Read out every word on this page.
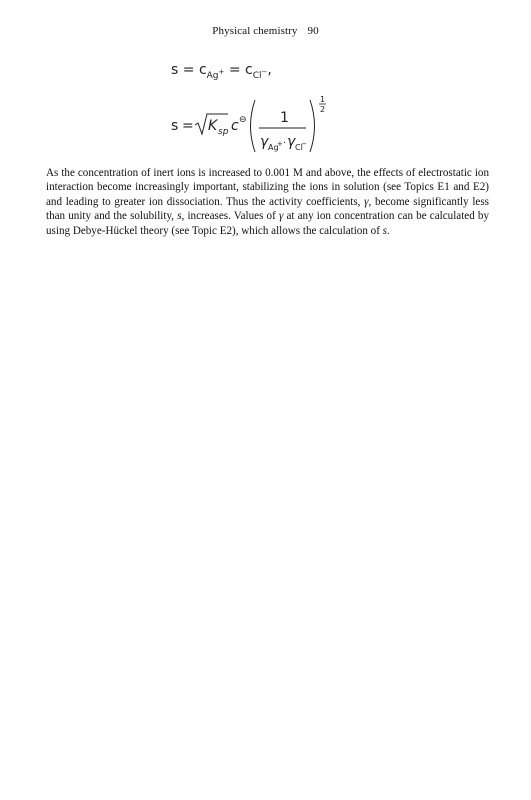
Physical chemistry 90
$s = c_{Ag^+} = c_{Cl^-}$,
s = K sp c ⊖ 1
γ Ag
+ · γ Cl
−
1
2

As the concentration of inert ions is increased to 0.001 M and above, the effects of electrostatic ion interaction become increasingly important, stabilizing the ions in solution (see Topics E1 and E2) and leading to greater ion dissociation. Thus the activity coefficients, γ, become significantly less than unity and the solubility, s, increases. Values of γ at any ion concentration can be calculated by using Debye-Hückel theory (see Topic E2), which allows the calculation of s.
